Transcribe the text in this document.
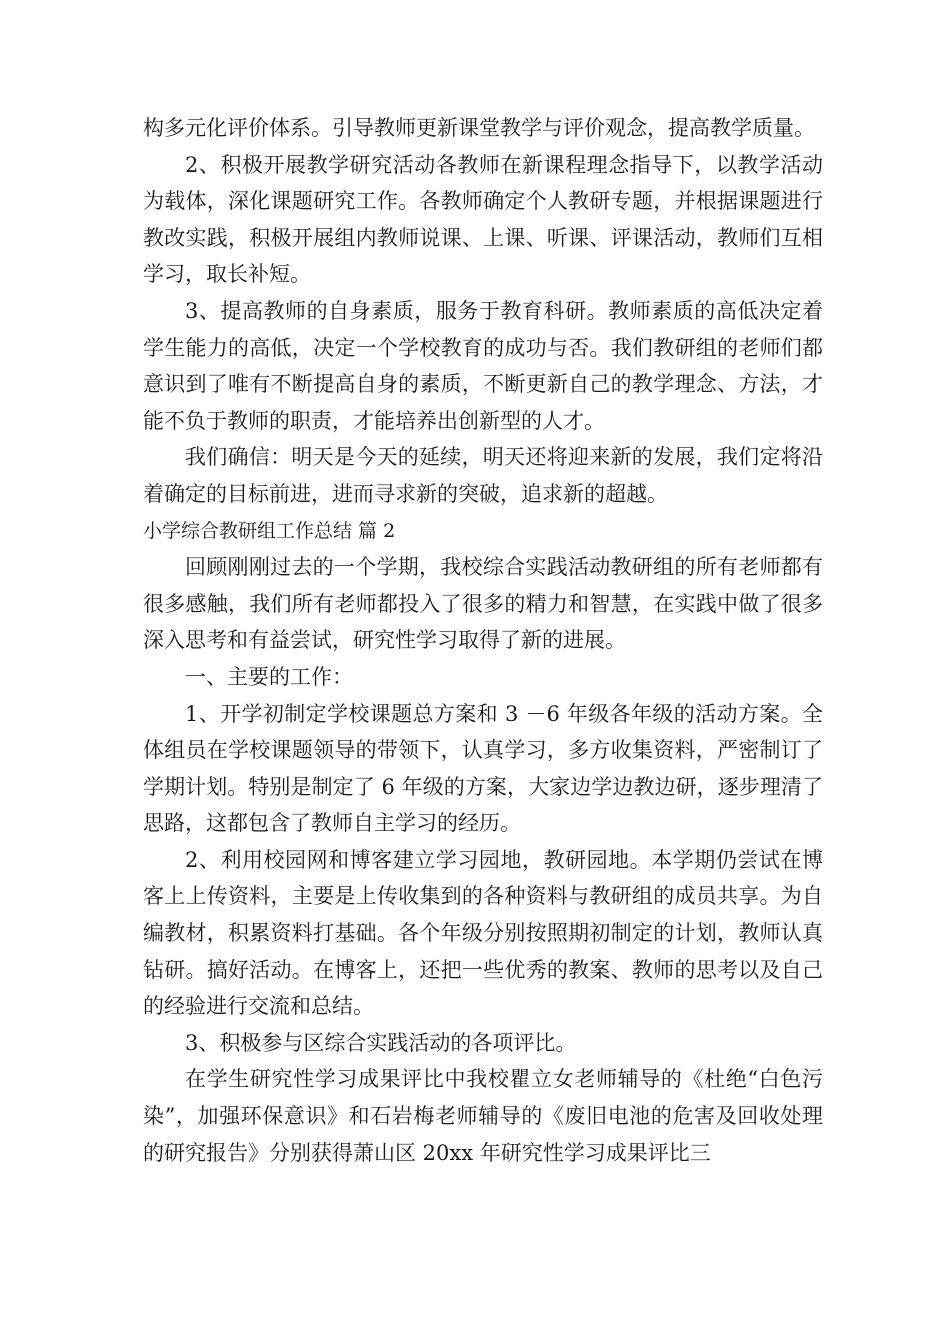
构多元化评价体系。引导教师更新课堂教学与评价观念，提高教学质量。

2、积极开展教学研究活动各教师在新课程理念指导下，以教学活动为载体，深化课题研究工作。各教师确定个人教研专题，并根据课题进行教改实践，积极开展组内教师说课、上课、听课、评课活动，教师们互相学习，取长补短。

3、提高教师的自身素质，服务于教育科研。教师素质的高低决定着学生能力的高低，决定一个学校教育的成功与否。我们教研组的老师们都意识到了唯有不断提高自身的素质，不断更新自己的教学理念、方法，才能不负于教师的职责，才能培养出创新型的人才。

我们确信：明天是今天的延续，明天还将迎来新的发展，我们定将沿着确定的目标前进，进而寻求新的突破，追求新的超越。

小学综合教研组工作总结 篇 2

回顾刚刚过去的一个学期，我校综合实践活动教研组的所有老师都有很多感触，我们所有老师都投入了很多的精力和智慧，在实践中做了很多深入思考和有益尝试，研究性学习取得了新的进展。

一、主要的工作：

1、开学初制定学校课题总方案和 3 －6 年级各年级的活动方案。全体组员在学校课题领导的带领下，认真学习，多方收集资料，严密制订了学期计划。特别是制定了 6 年级的方案，大家边学边教边研，逐步理清了思路，这都包含了教师自主学习的经历。

2、利用校园网和博客建立学习园地，教研园地。本学期仍尝试在博客上上传资料，主要是上传收集到的各种资料与教研组的成员共享。为自编教材，积累资料打基础。各个年级分别按照期初制定的计划，教师认真钻研。搞好活动。在博客上，还把一些优秀的教案、教师的思考以及自己的经验进行交流和总结。

3、积极参与区综合实践活动的各项评比。

在学生研究性学习成果评比中我校瞿立女老师辅导的《杜绝“白色污染”，加强环保意识》和石岩梅老师辅导的《废旧电池的危害及回收处理的研究报告》分别获得萧山区 20xx 年研究性学习成果评比三
